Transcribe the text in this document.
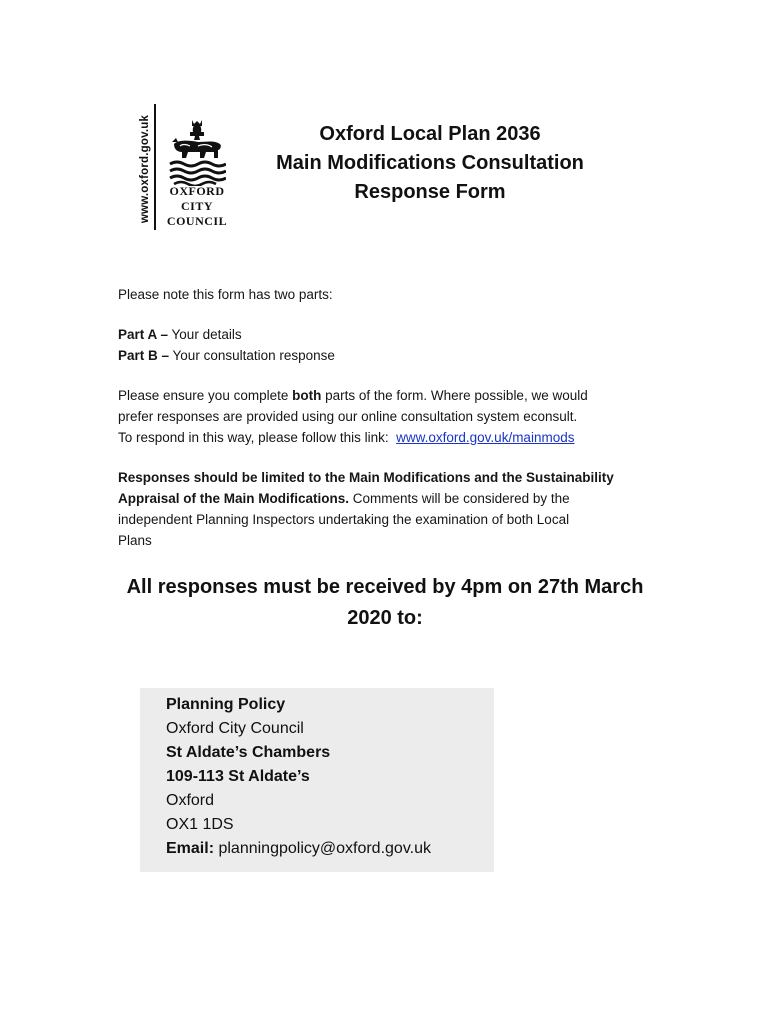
www.oxford.gov.uk	OXFORD
CITY
COUNCIL
Oxford Local Plan 2036
Main Modifications Consultation
Response Form

Please note this form has two parts:

Part A – Your details
Part B – Your consultation response

Please ensure you complete both parts of the form. Where possible, we would
prefer responses are provided using our online consultation system econsult.
To respond in this way, please follow this link:  www.oxford.gov.uk/mainmods

Responses should be limited to the Main Modifications and the Sustainability
Appraisal of the Main Modifications. Comments will be considered by the
independent Planning Inspectors undertaking the examination of both Local
Plans

All responses must be received by 4pm on 27th March
2020 to:
Planning Policy
Oxford City Council
St Aldate’s Chambers
109-113 St Aldate’s
Oxford
OX1 1DS
Email: planningpolicy@oxford.gov.uk
